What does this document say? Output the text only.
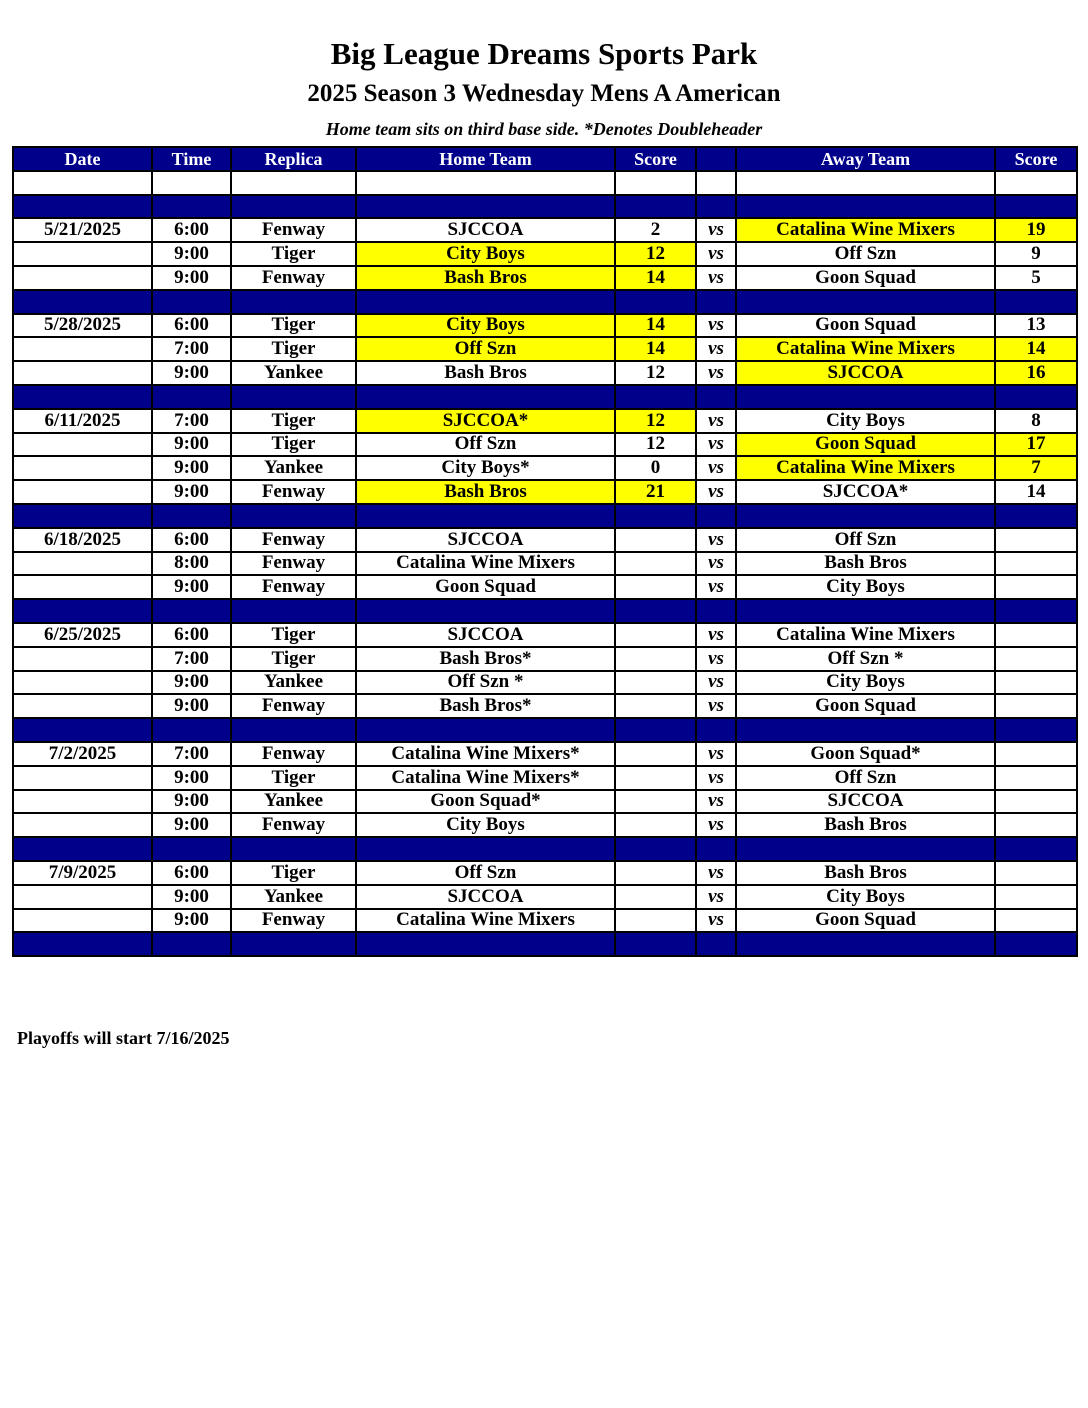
Big League Dreams Sports Park
2025 Season 3 Wednesday Mens A American
Home team sits on third base side. *Denotes Doubleheader
Date	Time	Replica	Home Team	Score		Away Team	Score

5/21/2025	6:00	Fenway	SJCCOA	2	vs	Catalina Wine Mixers	19
	9:00	Tiger	City Boys	12	vs	Off Szn	9
	9:00	Fenway	Bash Bros	14	vs	Goon Squad	5

5/28/2025	6:00	Tiger	City Boys	14	vs	Goon Squad	13
	7:00	Tiger	Off Szn	14	vs	Catalina Wine Mixers	14
	9:00	Yankee	Bash Bros	12	vs	SJCCOA	16

6/11/2025	7:00	Tiger	SJCCOA*	12	vs	City Boys	8
	9:00	Tiger	Off Szn	12	vs	Goon Squad	17
	9:00	Yankee	City Boys*	0	vs	Catalina Wine Mixers	7
	9:00	Fenway	Bash Bros	21	vs	SJCCOA*	14

6/18/2025	6:00	Fenway	SJCCOA		vs	Off Szn	
	8:00	Fenway	Catalina Wine Mixers		vs	Bash Bros	
	9:00	Fenway	Goon Squad		vs	City Boys	

6/25/2025	6:00	Tiger	SJCCOA		vs	Catalina Wine Mixers	
	7:00	Tiger	Bash Bros*		vs	Off Szn *	
	9:00	Yankee	Off Szn *		vs	City Boys	
	9:00	Fenway	Bash Bros*		vs	Goon Squad	

7/2/2025	7:00	Fenway	Catalina Wine Mixers*		vs	Goon Squad*	
	9:00	Tiger	Catalina Wine Mixers*		vs	Off Szn	
	9:00	Yankee	Goon Squad*		vs	SJCCOA	
	9:00	Fenway	City Boys		vs	Bash Bros	

7/9/2025	6:00	Tiger	Off Szn		vs	Bash Bros	
	9:00	Yankee	SJCCOA		vs	City Boys	
	9:00	Fenway	Catalina Wine Mixers		vs	Goon Squad	

Playoffs will start 7/16/2025
